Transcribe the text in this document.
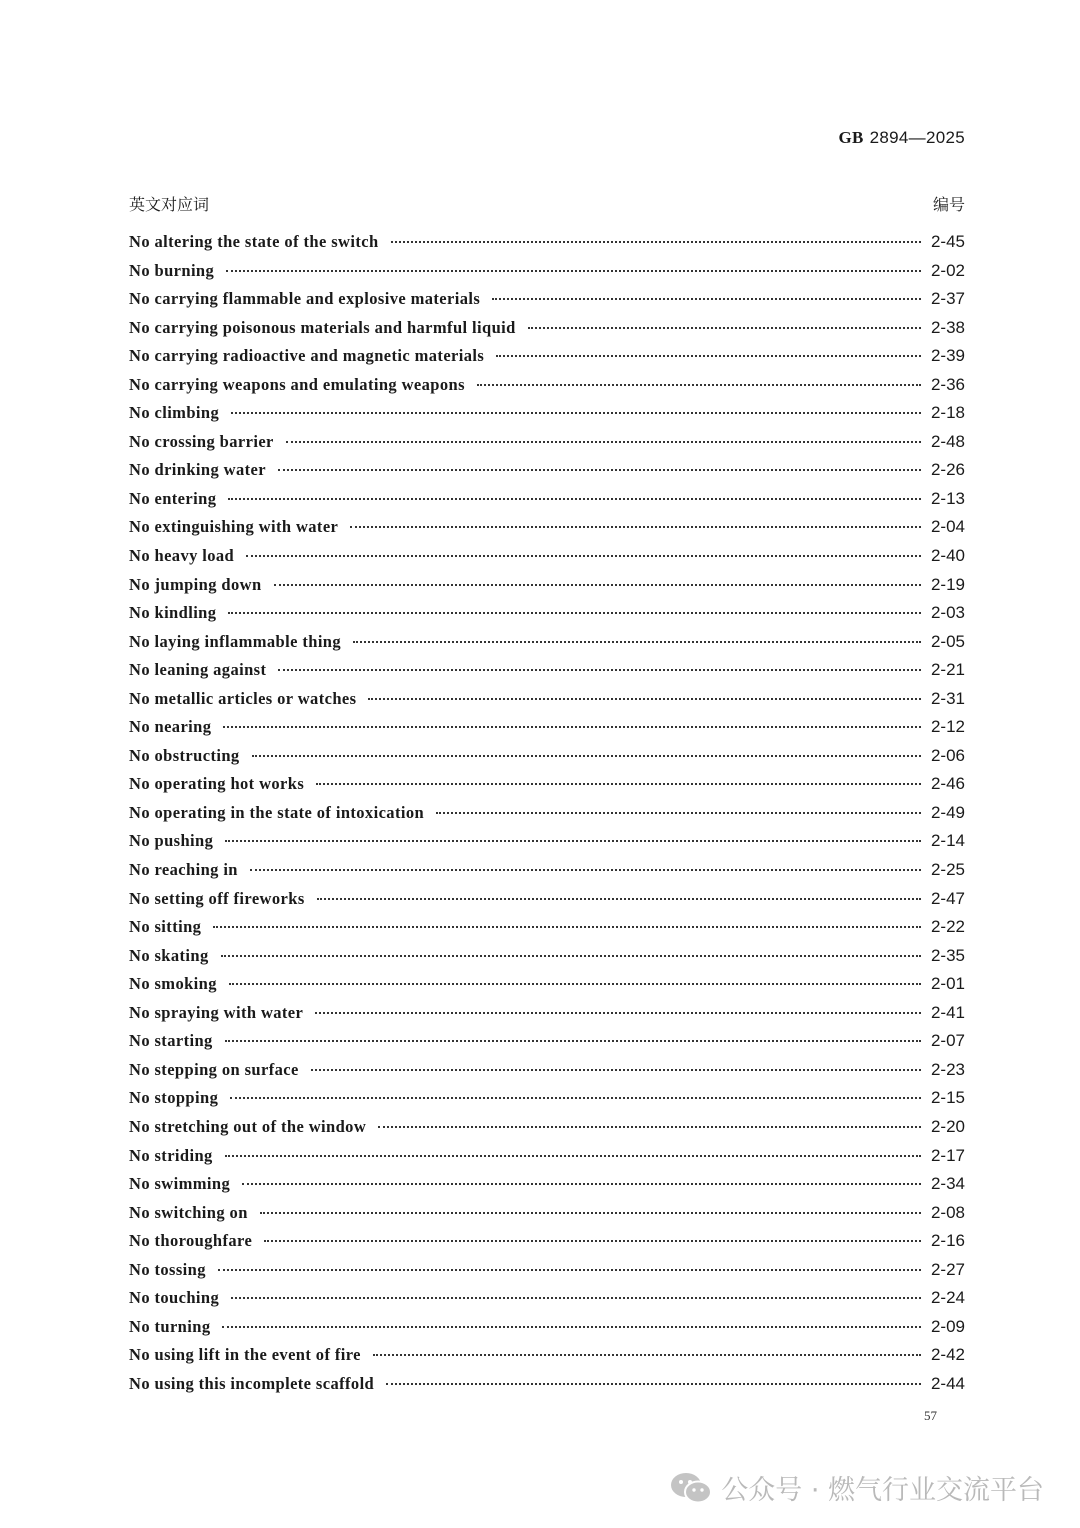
GB 2894—2025
英文对应词	编号
No altering the state of the switch	2-45
No burning	2-02
No carrying flammable and explosive materials	2-37
No carrying poisonous materials and harmful liquid	2-38
No carrying radioactive and magnetic materials	2-39
No carrying weapons and emulating weapons	2-36
No climbing	2-18
No crossing barrier	2-48
No drinking water	2-26
No entering	2-13
No extinguishing with water	2-04
No heavy load	2-40
No jumping down	2-19
No kindling	2-03
No laying inflammable thing	2-05
No leaning against	2-21
No metallic articles or watches	2-31
No nearing	2-12
No obstructing	2-06
No operating hot works	2-46
No operating in the state of intoxication	2-49
No pushing	2-14
No reaching in	2-25
No setting off fireworks	2-47
No sitting	2-22
No skating	2-35
No smoking	2-01
No spraying with water	2-41
No starting	2-07
No stepping on surface	2-23
No stopping	2-15
No stretching out of the window	2-20
No striding	2-17
No swimming	2-34
No switching on	2-08
No thoroughfare	2-16
No tossing	2-27
No touching	2-24
No turning	2-09
No using lift in the event of fire	2-42
No using this incomplete scaffold	2-44
57
公众号 · 燃气行业交流平台
